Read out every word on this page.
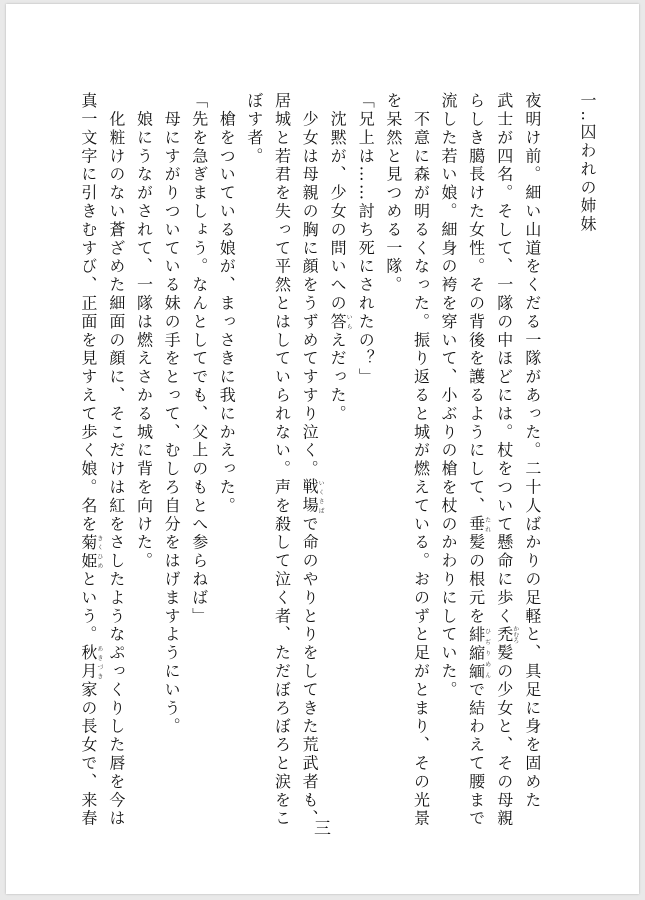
一‥囚われの姉妹

夜明け前。細い山道をくだる一隊があった。二十人ばかりの足軽と、具足に身を固めた

武士が四名。そして、一隊の中ほどには。杖をついて懸命に歩く禿かむろ髪の少女と、その母親

らしき臈長けた女性。その背後を護るようにして、垂たれ髪の根元を緋縮緬ひぢりめんで結わえて腰まで

流した若い娘。細身の袴を穿いて、小ぶりの槍を杖のかわりにしていた。

　不意に森が明るくなった。振り返ると城が燃えている。おのずと足がとまり、その光景

を呆然と見つめる一隊。

「兄上は……討ち死にされたの？」

　沈黙が、少女の問いへの答いらえだった。

　少女は母親の胸に顔をうずめてすすり泣く。戦場いくさばで命のやりとりをしてきた荒武者も、

居城と若君を失って平然とはしていられない。声を殺して泣く者、ただぼろぼろと涙をこ

ぼす者。

　槍をついている娘が、まっさきに我にかえった。

「先を急ぎましょう。なんとしてでも、父上のもとへ参らねば」

　母にすがりついている妹の手をとって、むしろ自分をはげますようにいう。

　娘にうながされて、一隊は燃えさかる城に背を向けた。

　化粧けのない蒼ざめた細面の顔に、そこだけは紅をさしたようなぷっくりした唇を今は

真一文字に引きむすび、正面を見すえて歩く娘。名を菊姫きくひめという。秋月あきづき家の長女で、来春

三
